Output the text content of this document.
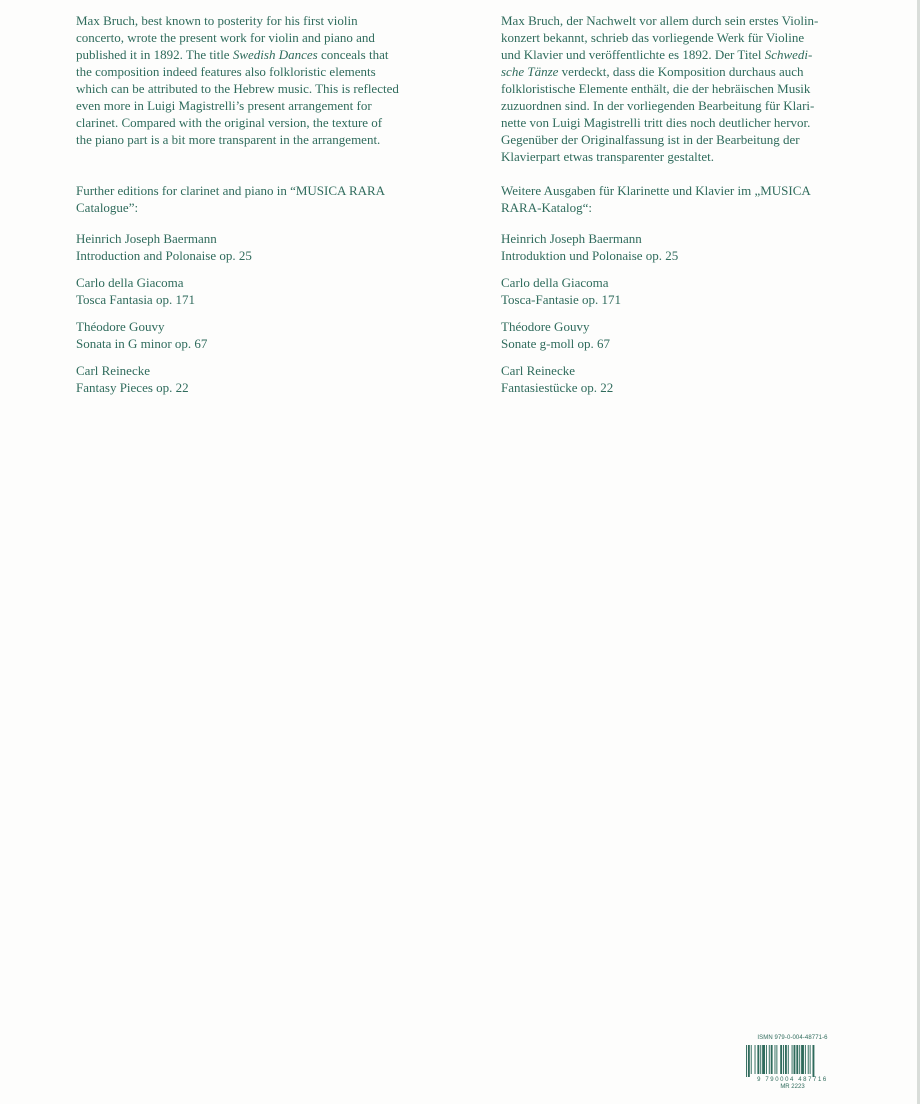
Max Bruch, best known to posterity for his first violin

concerto, wrote the present work for violin and piano and

published it in 1892. The title Swedish Dances conceals that

the composition indeed features also folkloristic elements

which can be attributed to the Hebrew music. This is reflected

even more in Luigi Magistrelli’s present arrangement for

clarinet. Compared with the original version, the texture of

the piano part is a bit more transparent in the arrangement.

Further editions for clarinet and piano in “MUSICA RARA Catalogue”:

Heinrich Joseph Baermann
Introduction and Polonaise op. 25
Carlo della Giacoma
Tosca Fantasia op. 171
Théodore Gouvy
Sonata in G minor op. 67
Carl Reinecke
Fantasy Pieces op. 22

Max Bruch, der Nachwelt vor allem durch sein erstes Violin-

konzert bekannt, schrieb das vorliegende Werk für Violine

und Klavier und veröffentlichte es 1892. Der Titel Schwedi-

sche Tänze verdeckt, dass die Komposition durchaus auch

folkloristische Elemente enthält, die der hebräischen Musik

zuzuordnen sind. In der vorliegenden Bearbeitung für Klari-

nette von Luigi Magistrelli tritt dies noch deutlicher hervor.

Gegenüber der Originalfassung ist in der Bearbeitung der

Klavierpart etwas transparenter gestaltet.

Weitere Ausgaben für Klarinette und Klavier im „MUSICA RARA-Katalog“:

Heinrich Joseph Baermann
Introduktion und Polonaise op. 25
Carlo della Giacoma
Tosca-Fantasie op. 171
Théodore Gouvy
Sonate g-moll op. 67
Carl Reinecke
Fantasiestücke op. 22
ISMN 979-0-004-48771-6
9 790004 487716
MR 2223
